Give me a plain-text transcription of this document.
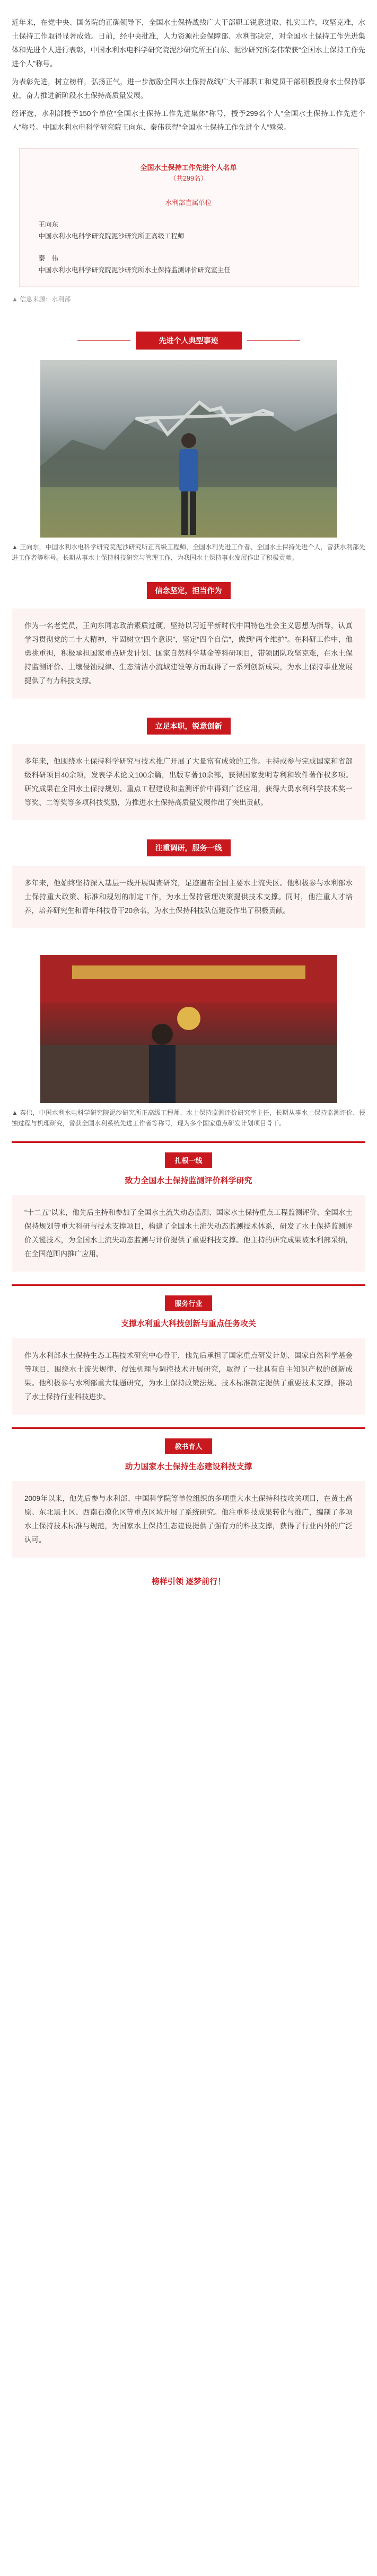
近年来，在党中央、国务院的正确领导下，全国水土保持战线广大干部职工锐意进取、扎实工作，攻坚克难，水土保持工作取得显著成效。日前，经中央批准，人力资源社会保障部、水利部决定，对全国水土保持工作先进集体和先进个人进行表彰，中国水利水电科学研究院泥沙研究所王向东、泥沙研究所秦伟荣获“全国水土保持工作先进个人”称号。

为表彰先进，树立榜样，弘扬正气，进一步激励全国水土保持战线广大干部职工和党员干部积极投身水土保持事业，奋力推进新阶段水土保持高质量发展。

经评选，水利部授予150个单位“全国水土保持工作先进集体”称号，授予299名个人“全国水土保持工作先进个人”称号。中国水利水电科学研究院王向东、秦伟获得“全国水土保持工作先进个人”殊荣。

全国水土保持工作先进个人名单
（共299名）
水利部直属单位
王向东
中国水利水电科学研究院泥沙研究所正高级工程师
秦　伟
中国水利水电科学研究院泥沙研究所水土保持监测评价研究室主任

▲ 信息来源：水利部

先进个人典型事迹

▲ 王向东，中国水利水电科学研究院泥沙研究所正高级工程师，全国水利先进工作者、全国水土保持先进个人，曾获水利部先进工作者等称号。长期从事水土保持科技研究与管理工作，为我国水土保持事业发展作出了积极贡献。

信念坚定，担当作为

作为一名老党员，王向东同志政治素质过硬，坚持以习近平新时代中国特色社会主义思想为指导，认真学习贯彻党的二十大精神，牢固树立“四个意识”，坚定“四个自信”，做到“两个维护”。在科研工作中，他勇挑重担，积极承担国家重点研发计划、国家自然科学基金等科研项目，带领团队攻坚克难，在水土保持监测评价、土壤侵蚀规律、生态清洁小流域建设等方面取得了一系列创新成果，为水土保持事业发展提供了有力科技支撑。

立足本职，锐意创新

多年来，他围绕水土保持科学研究与技术推广开展了大量富有成效的工作。主持或参与完成国家和省部级科研项目40余项，发表学术论文100余篇，出版专著10余部，获得国家发明专利和软件著作权多项。研究成果在全国水土保持规划、重点工程建设和监测评价中得到广泛应用，获得大禹水利科学技术奖一等奖、二等奖等多项科技奖励，为推进水土保持高质量发展作出了突出贡献。

注重调研，服务一线

多年来，他始终坚持深入基层一线开展调查研究，足迹遍布全国主要水土流失区。他积极参与水利部水土保持重大政策、标准和规划的制定工作，为水土保持管理决策提供技术支撑。同时，他注重人才培养，培养研究生和青年科技骨干20余名，为水土保持科技队伍建设作出了积极贡献。

▲ 秦伟，中国水利水电科学研究院泥沙研究所正高级工程师、水土保持监测评价研究室主任，长期从事水土保持监测评价、侵蚀过程与机理研究，曾获全国水利系统先进工作者等称号，现为多个国家重点研发计划项目骨干。

扎根一线
致力全国水土保持监测评价科学研究

“十二五”以来，他先后主持和参加了全国水土流失动态监测、国家水土保持重点工程监测评价、全国水土保持规划等重大科研与技术支撑项目，构建了全国水土流失动态监测技术体系，研发了水土保持监测评价关键技术，为全国水土流失动态监测与评价提供了重要科技支撑。他主持的研究成果被水利部采纳，在全国范围内推广应用。

服务行业
支撑水利重大科技创新与重点任务攻关

作为水利部水土保持生态工程技术研究中心骨干，他先后承担了国家重点研发计划、国家自然科学基金等项目，围绕水土流失规律、侵蚀机理与调控技术开展研究，取得了一批具有自主知识产权的创新成果。他积极参与水利部重大课题研究，为水土保持政策法规、技术标准制定提供了重要技术支撑，推动了水土保持行业科技进步。

教书育人
助力国家水土保持生态建设科技支撑

2009年以来，他先后参与水利部、中国科学院等单位组织的多项重大水土保持科技攻关项目，在黄土高原、东北黑土区、西南石漠化区等重点区域开展了系统研究。他注重科技成果转化与推广，编制了多项水土保持技术标准与规范，为国家水土保持生态建设提供了强有力的科技支撑，获得了行业内外的广泛认可。

榜样引领 逐梦前行！
